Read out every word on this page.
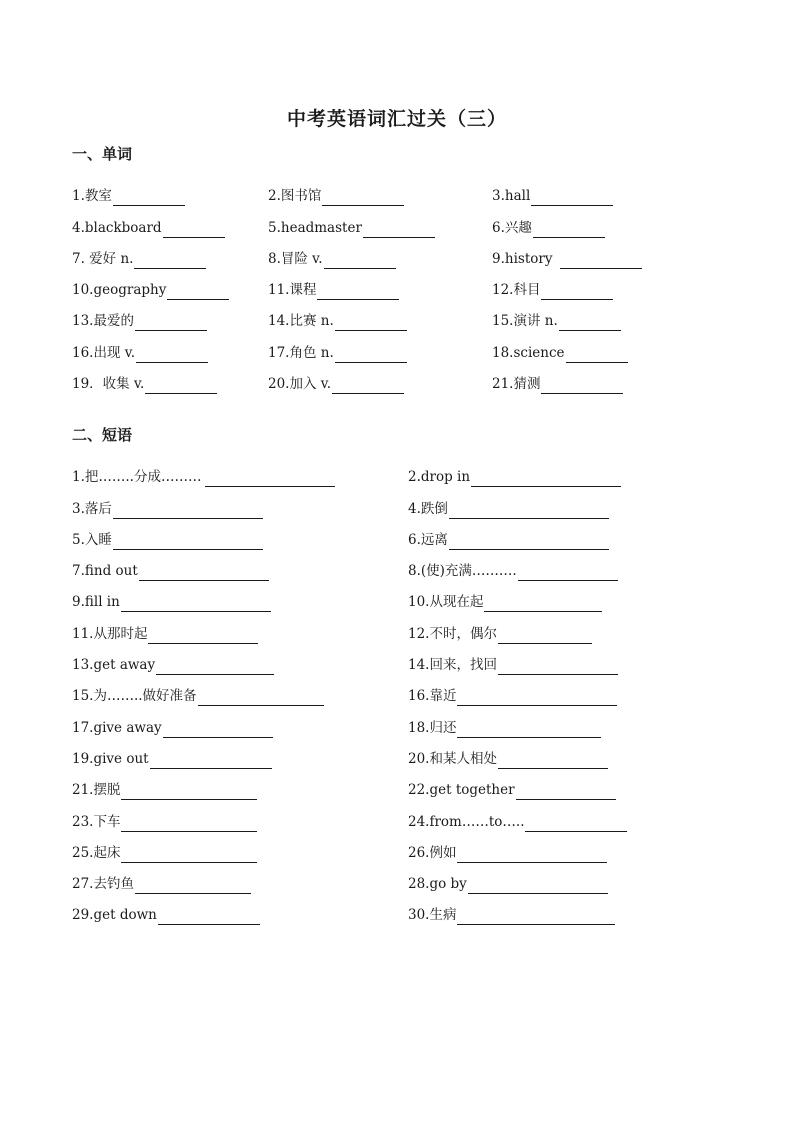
中考英语词汇过关（三）
一、单词
1.教室	2.图书馆	3.hall
4.blackboard	5.headmaster	6.兴趣
7. 爱好 n.	8.冒险 v.	9.history
10.geography	11.课程	12.科目
13.最爱的	14.比赛 n.	15.演讲 n.
16.出现 v.	17.角色 n.	18.science
19．收集 v.	20.加入 v.	21.猜测
二、短语
1.把……..分成………	2.drop in
3.落后	4.跌倒
5.入睡	6.远离
7.find out	8.(使)充满……….
9.fill in	10.从现在起
11.从那时起	12.不时，偶尔
13.get away	14.回来，找回
15.为……..做好准备	16.靠近
17.give away	18.归还
19.give out	20.和某人相处
21.摆脱	22.get together
23.下车	24.from……to…..
25.起床	26.例如
27.去钓鱼	28.go by
29.get down	30.生病
